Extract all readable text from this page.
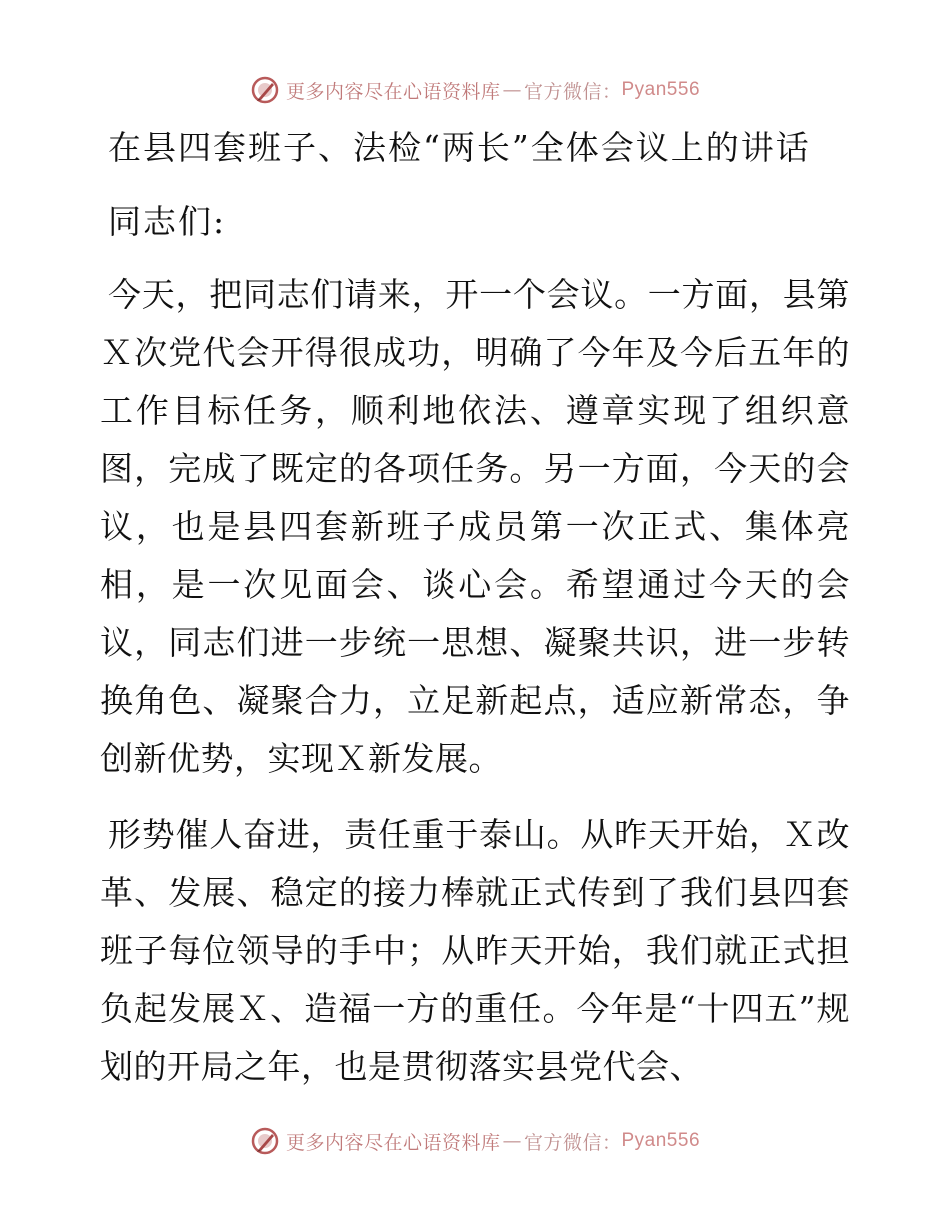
更多内容尽在心语资料库 — 官方微信： Pyan556
在县四套班子、法检“两长”全体会议上的讲话
同志们:
今天，把同志们请来，开一个会议。一方面，县第Ｘ次党代会开得很成功，明确了今年及今后五年的工作目标任务，顺利地依法、遵章实现了组织意图，完成了既定的各项任务。另一方面，今天的会议，也是县四套新班子成员第一次正式、集体亮相，是一次见面会、谈心会。希望通过今天的会议，同志们进一步统一思想、凝聚共识，进一步转换角色、凝聚合力，立足新起点，适应新常态，争创新优势，实现Ｘ新发展。
形势催人奋进，责任重于泰山。从昨天开始，Ｘ改革、发展、稳定的接力棒就正式传到了我们县四套班子每位领导的手中；从昨天开始，我们就正式担负起发展Ｘ、造福一方的重任。今年是“十四五”规划的开局之年，也是贯彻落实县党代会、
更多内容尽在心语资料库 — 官方微信： Pyan556
